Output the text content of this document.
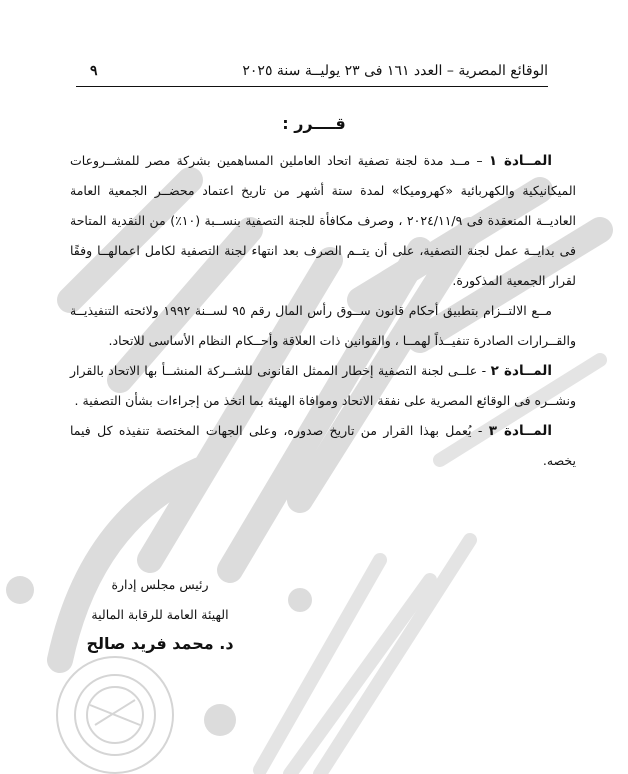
الوقائع المصرية – العدد ١٦١ فى ٢٣ يوليــة سنة ٢٠٢٥
٩
قــــرر :

المــادة ١ – مــد مدة لجنة تصفية اتحاد العاملين المساهمين بشركة مصر للمشــروعات الميكانيكية والكهربائية «كهروميكا» لمدة ستة أشهر من تاريخ اعتماد محضــر الجمعية العامة العاديــة المنعقدة فى ٢٠٢٤/١١/٩ ، وصرف مكافأة للجنة التصفية بنســبة (١٠٪) من النقدية المتاحة فى بدايــة عمل لجنة التصفية، على أن يتــم الصرف بعد انتهاء لجنة التصفية لكامل اعمالهــا وفقًا لقرار الجمعية المذكورة.

مــع الالتــزام بتطبيق أحكام قانون ســوق رأس المال رقم ٩٥ لســنة ١٩٩٢ ولائحته التنفيذيــة والقــرارات الصادرة تنفيــذاً لهمــا ، والقوانين ذات العلاقة وأحــكام النظام الأساسى للاتحاد.

المــادة ٢ - علــى لجنة التصفية إخطار الممثل القانونى للشــركة المنشــأ بها الاتحاد بالقرار ونشــره فى الوقائع المصرية على نفقة الاتحاد وموافاة الهيئة بما اتخذ من إجراءات بشأن التصفية .

المــادة ٣ - يُعمل بهذا القرار من تاريخ صدوره، وعلى الجهات المختصة تنفيذه كل فيما يخصه.

رئيس مجلس إدارة
الهيئة العامة للرقابة المالية
د. محمد فريد صالح
